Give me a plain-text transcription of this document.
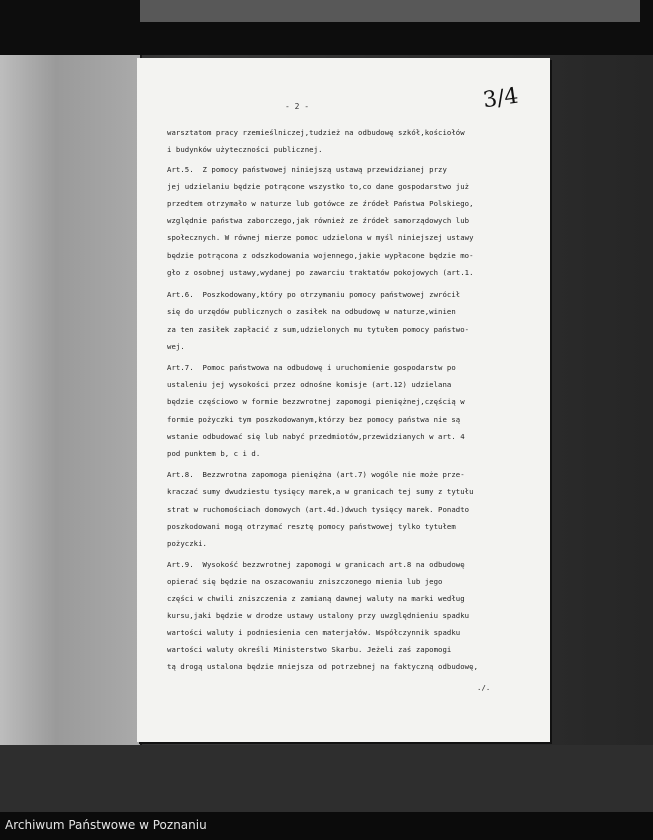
- 2 -	3/4
warsztatom pracy rzemieślniczej,tudzież na odbudowę szkół,kościołów
i budynków użyteczności publicznej.
Art.5.  Z pomocy państwowej niniejszą ustawą przewidzianej przy
jej udzielaniu będzie potrącone wszystko to,co dane gospodarstwo już
przedtem otrzymało w naturze lub gotówce ze źródeł Państwa Polskiego,
względnie państwa zaborczego,jak również ze źródeł samorządowych lub
społecznych. W równej mierze pomoc udzielona w myśl niniejszej ustawy
będzie potrącona z odszkodowania wojennego,jakie wypłacone będzie mo-
gło z osobnej ustawy,wydanej po zawarciu traktatów pokojowych (art.1.
Art.6.  Poszkodowany,który po otrzymaniu pomocy państwowej zwrócił
się do urzędów publicznych o zasiłek na odbudowę w naturze,winien
za ten zasiłek zapłacić z sum,udzielonych mu tytułem pomocy państwo-
wej.
Art.7.  Pomoc państwowa na odbudowę i uruchomienie gospodarstw po
ustaleniu jej wysokości przez odnośne komisje (art.12) udzielana
będzie częściowo w formie bezzwrotnej zapomogi pieniężnej,częścią w
formie pożyczki tym poszkodowanym,którzy bez pomocy państwa nie są
wstanie odbudować się lub nabyć przedmiotów,przewidzianych w art. 4
pod punktem b, c i d.
Art.8.  Bezzwrotna zapomoga pieniężna (art.7) wogóle nie może prze-
kraczać sumy dwudziestu tysięcy marek,a w granicach tej sumy z tytułu
strat w ruchomościach domowych (art.4d.)dwuch tysięcy marek. Ponadto
poszkodowani mogą otrzymać resztę pomocy państwowej tylko tytułem
pożyczki.
Art.9.  Wysokość bezzwrotnej zapomogi w granicach art.8 na odbudowę
opierać się będzie na oszacowaniu zniszczonego mienia lub jego
części w chwili zniszczenia z zamianą dawnej waluty na marki według
kursu,jaki będzie w drodze ustawy ustalony przy uwzględnieniu spadku
wartości waluty i podniesienia cen materjałów. Współczynnik spadku
wartości waluty określi Ministerstwo Skarbu. Jeżeli zaś zapomogi
tą drogą ustalona będzie mniejsza od potrzebnej na faktyczną odbudowę,
./.
Archiwum Państwowe w Poznaniu
